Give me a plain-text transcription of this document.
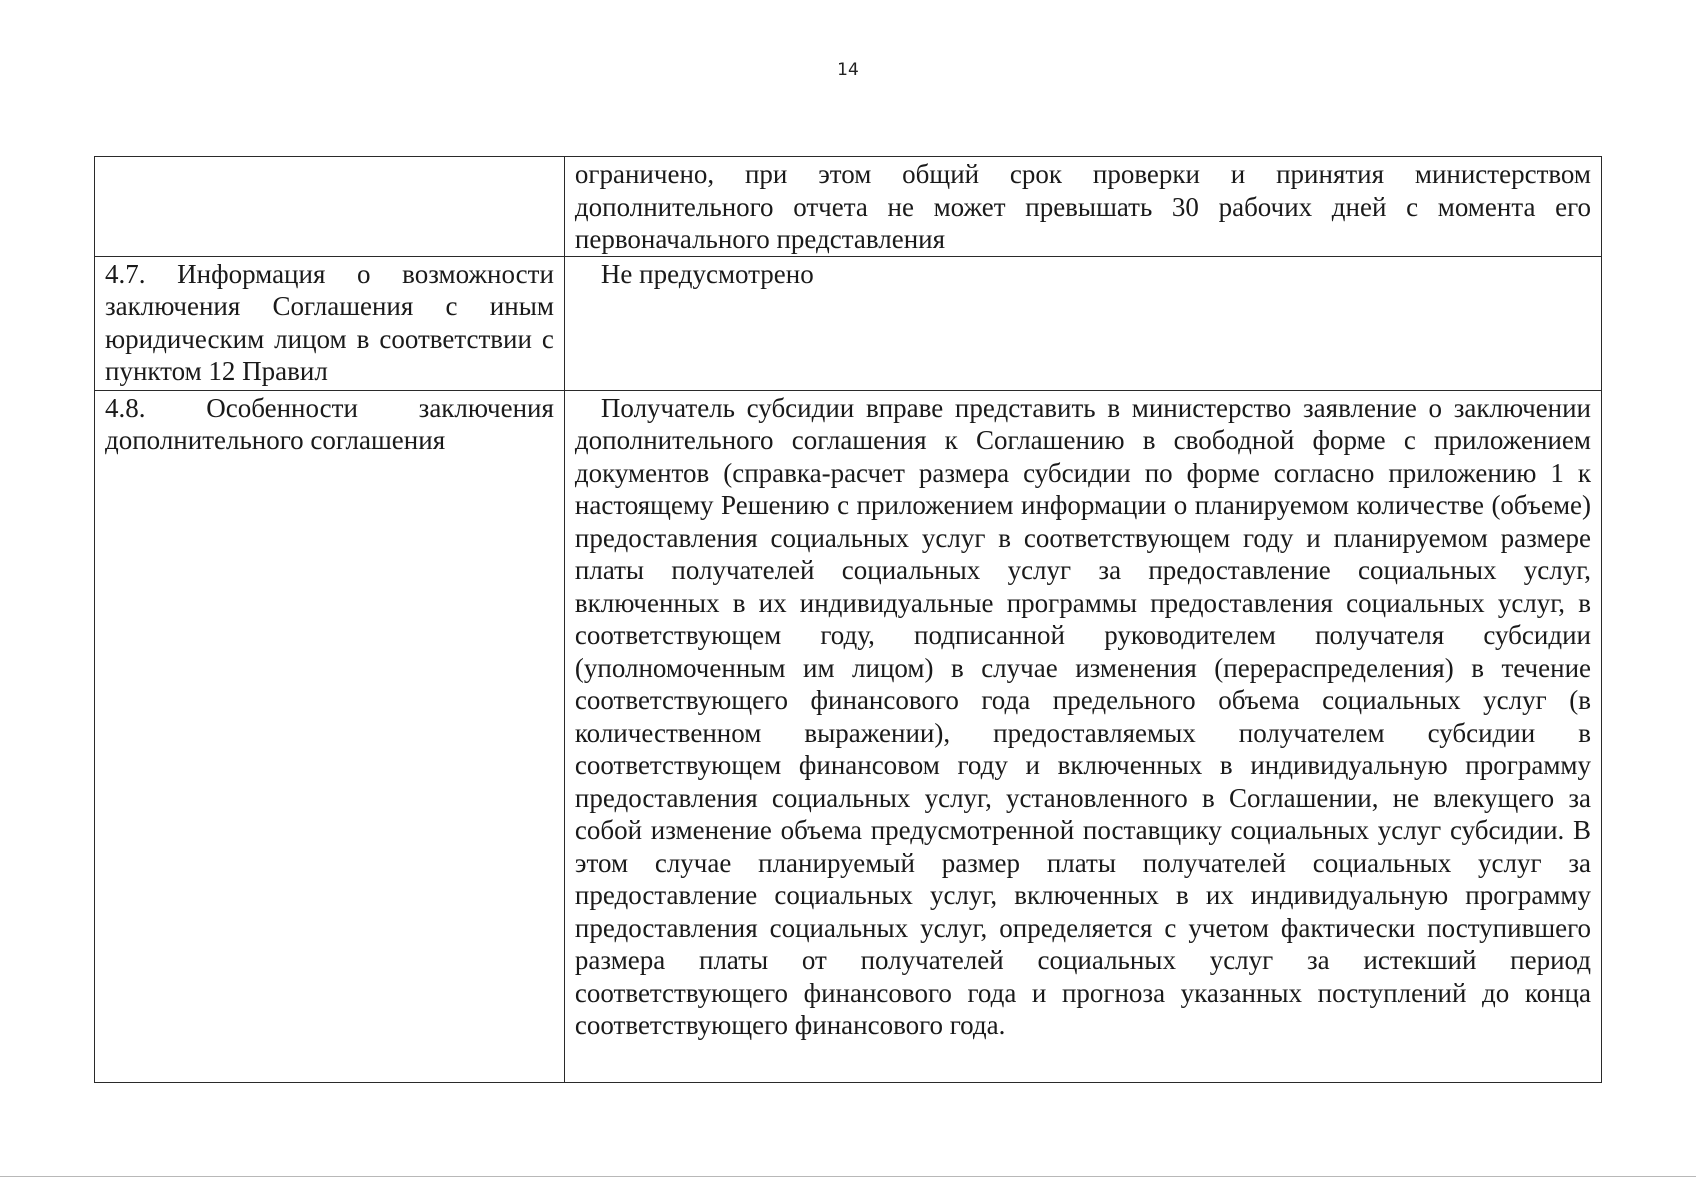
14
	ограничено, при этом общий срок проверки и принятия министерством дополнительного отчета не может превышать 30 рабочих дней с момента его первоначального представления
4.7. Информация о возможности заключения Соглашения с иным юридическим лицом в соответствии с пунктом 12 Правил	Не предусмотрено
4.8. Особенности заключения дополнительного соглашения	Получатель субсидии вправе представить в министерство заявление о заключении дополнительного соглашения к Соглашению в свободной форме с приложением документов (справка-расчет размера субсидии по форме согласно приложению 1 к настоящему Решению с приложением информации о планируемом количестве (объеме) предоставления социальных услуг в соответствующем году и планируемом размере платы получателей социальных услуг за предоставление социальных услуг, включенных в их индивидуальные программы предоставления социальных услуг, в соответствующем году, подписанной руководителем получателя субсидии (уполномоченным им лицом) в случае изменения (перераспределения) в течение соответствующего финансового года предельного объема социальных услуг (в количественном выражении), предоставляемых получателем субсидии в соответствующем финансовом году и включенных в индивидуальную программу предоставления социальных услуг, установленного в Соглашении, не влекущего за собой изменение объема предусмотренной поставщику социальных услуг субсидии. В этом случае планируемый размер платы получателей социальных услуг за предоставление социальных услуг, включенных в их индивидуальную программу предоставления социальных услуг, определяется с учетом фактически поступившего размера платы от получателей социальных услуг за истекший период соответствующего финансового года и прогноза указанных поступлений до конца соответствующего финансового года.
